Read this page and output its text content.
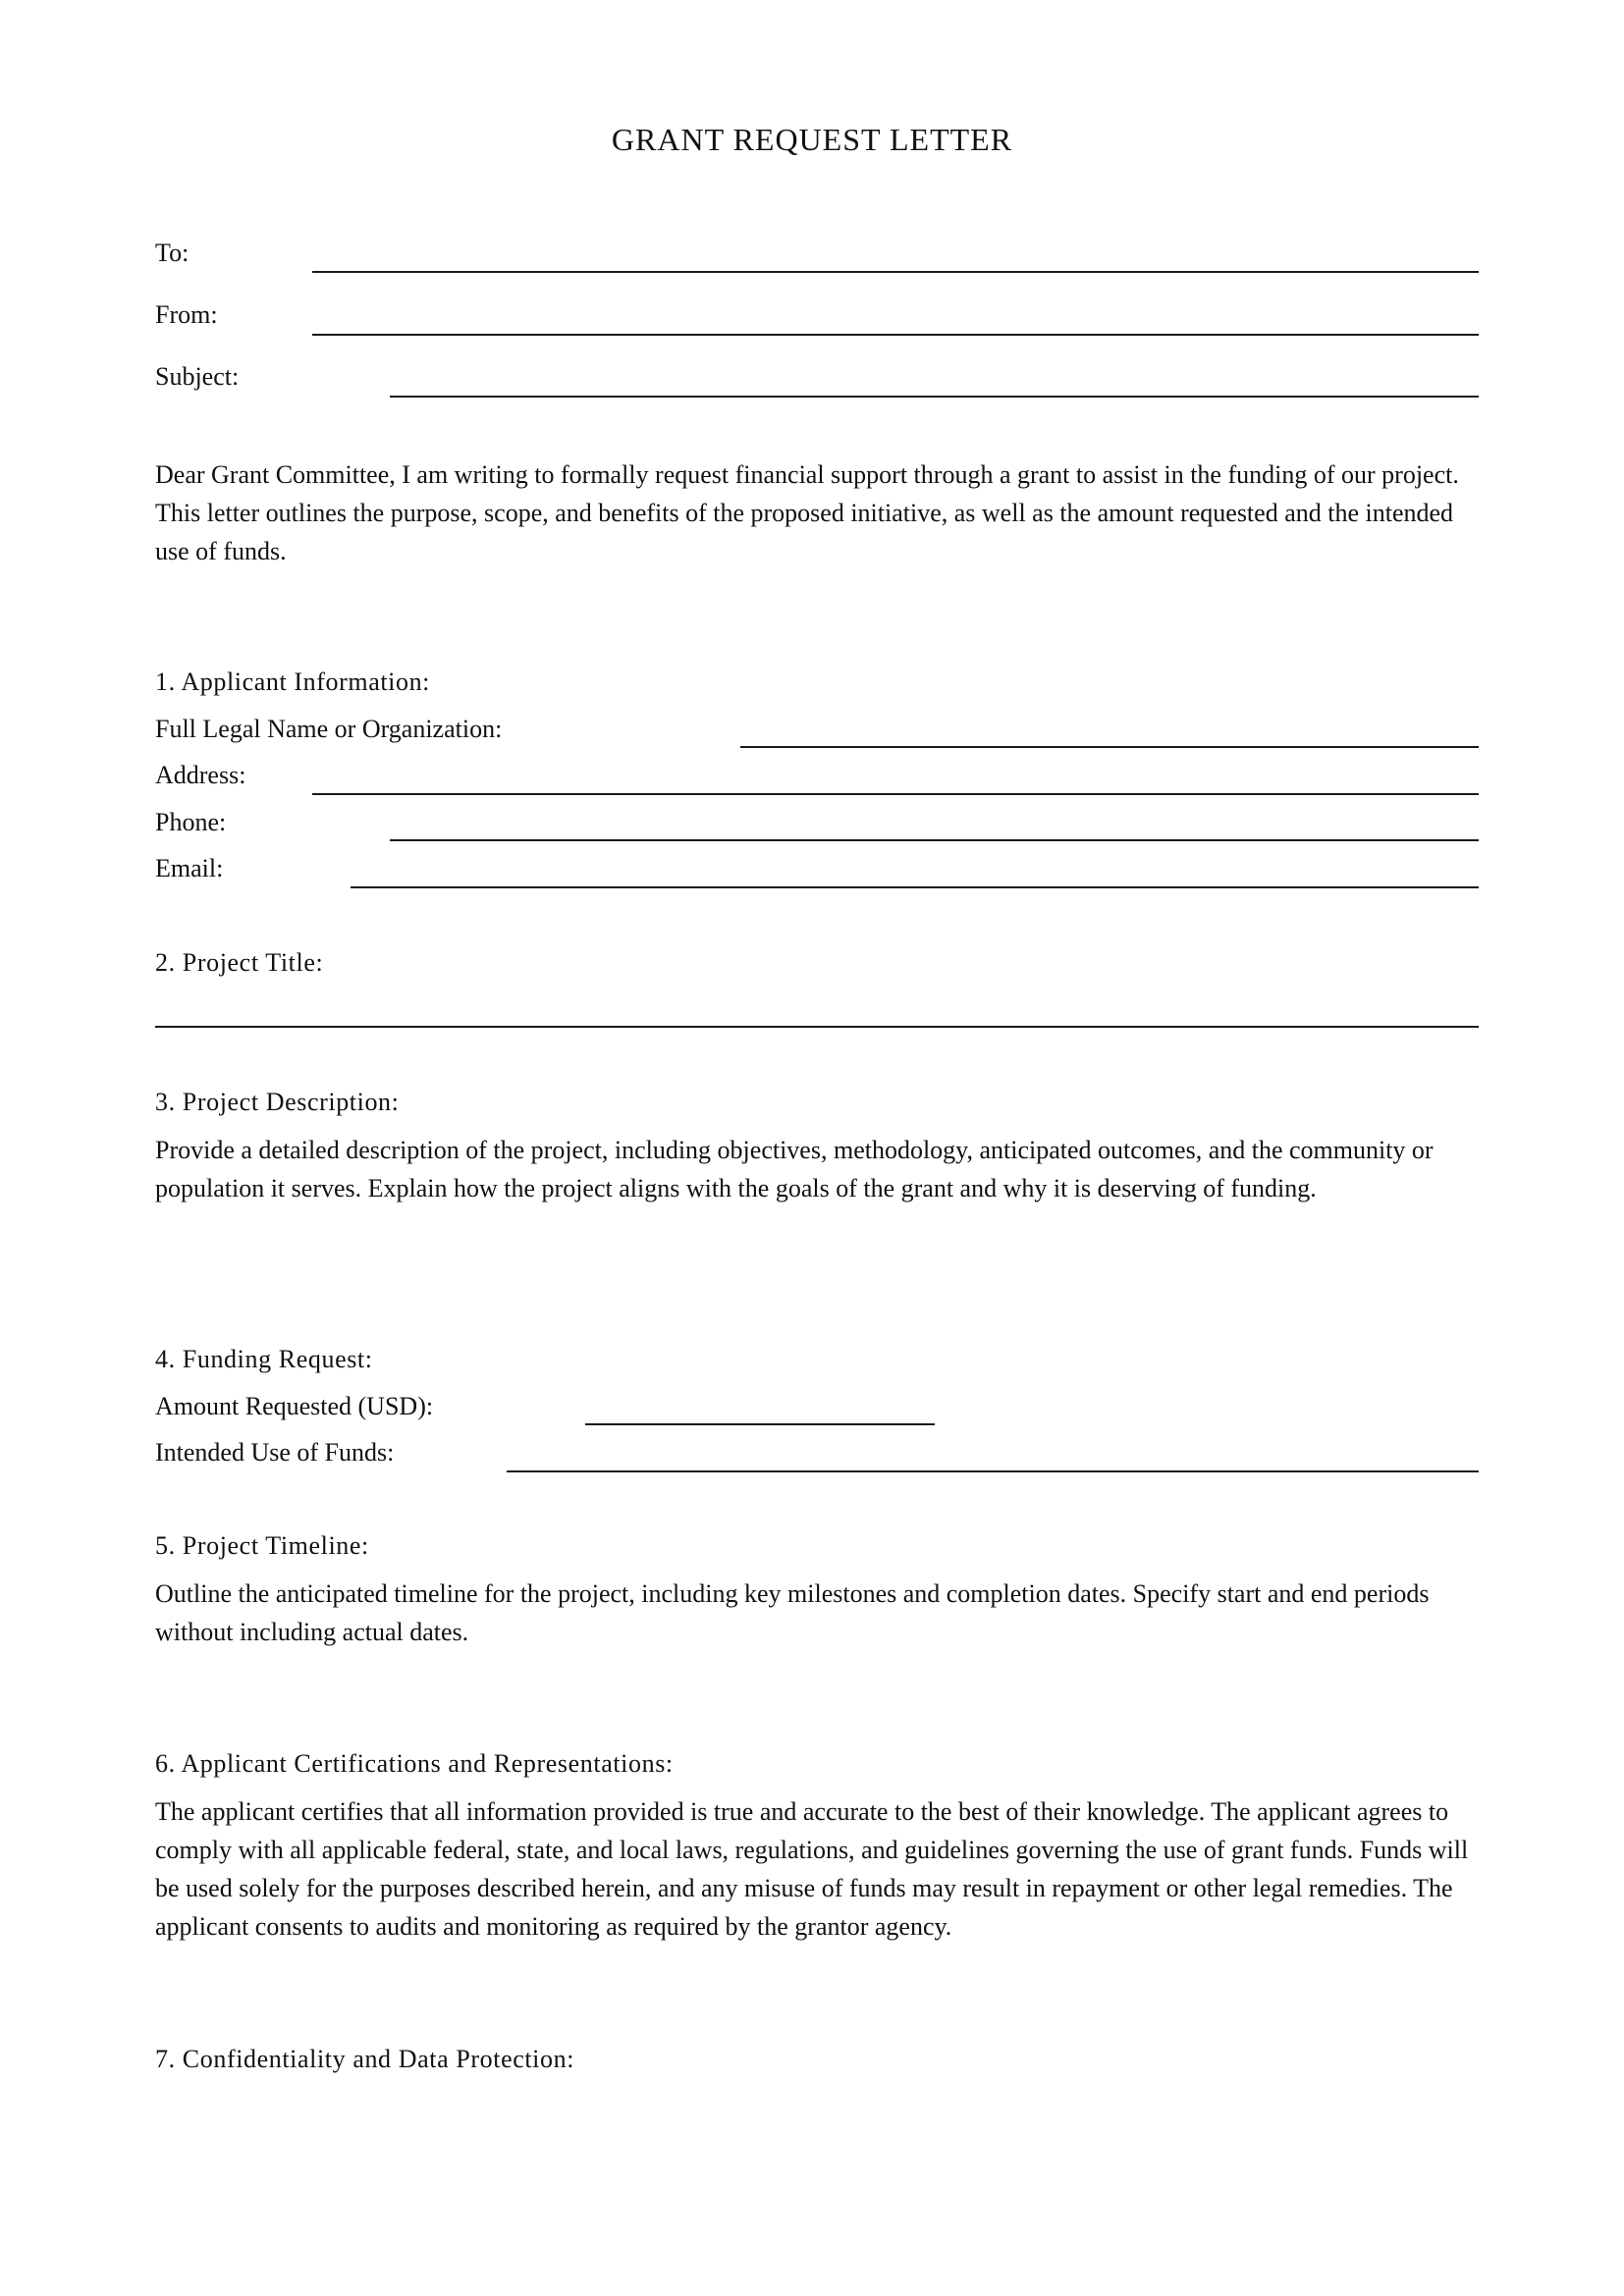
GRANT REQUEST LETTER
To:
From:
Subject:
Dear Grant Committee, I am writing to formally request financial support through a grant to assist in the funding of our project. This letter outlines the purpose, scope, and benefits of the proposed initiative, as well as the amount requested and the intended use of funds.
1. Applicant Information:
Full Legal Name or Organization:
Address:
Phone:
Email:
2. Project Title:
3. Project Description:
Provide a detailed description of the project, including objectives, methodology, anticipated outcomes, and the community or population it serves. Explain how the project aligns with the goals of the grant and why it is deserving of funding.
4. Funding Request:
Amount Requested (USD):
Intended Use of Funds:
5. Project Timeline:
Outline the anticipated timeline for the project, including key milestones and completion dates. Specify start and end periods without including actual dates.
6. Applicant Certifications and Representations:
The applicant certifies that all information provided is true and accurate to the best of their knowledge. The applicant agrees to comply with all applicable federal, state, and local laws, regulations, and guidelines governing the use of grant funds. Funds will be used solely for the purposes described herein, and any misuse of funds may result in repayment or other legal remedies. The applicant consents to audits and monitoring as required by the grantor agency.
7. Confidentiality and Data Protection:
